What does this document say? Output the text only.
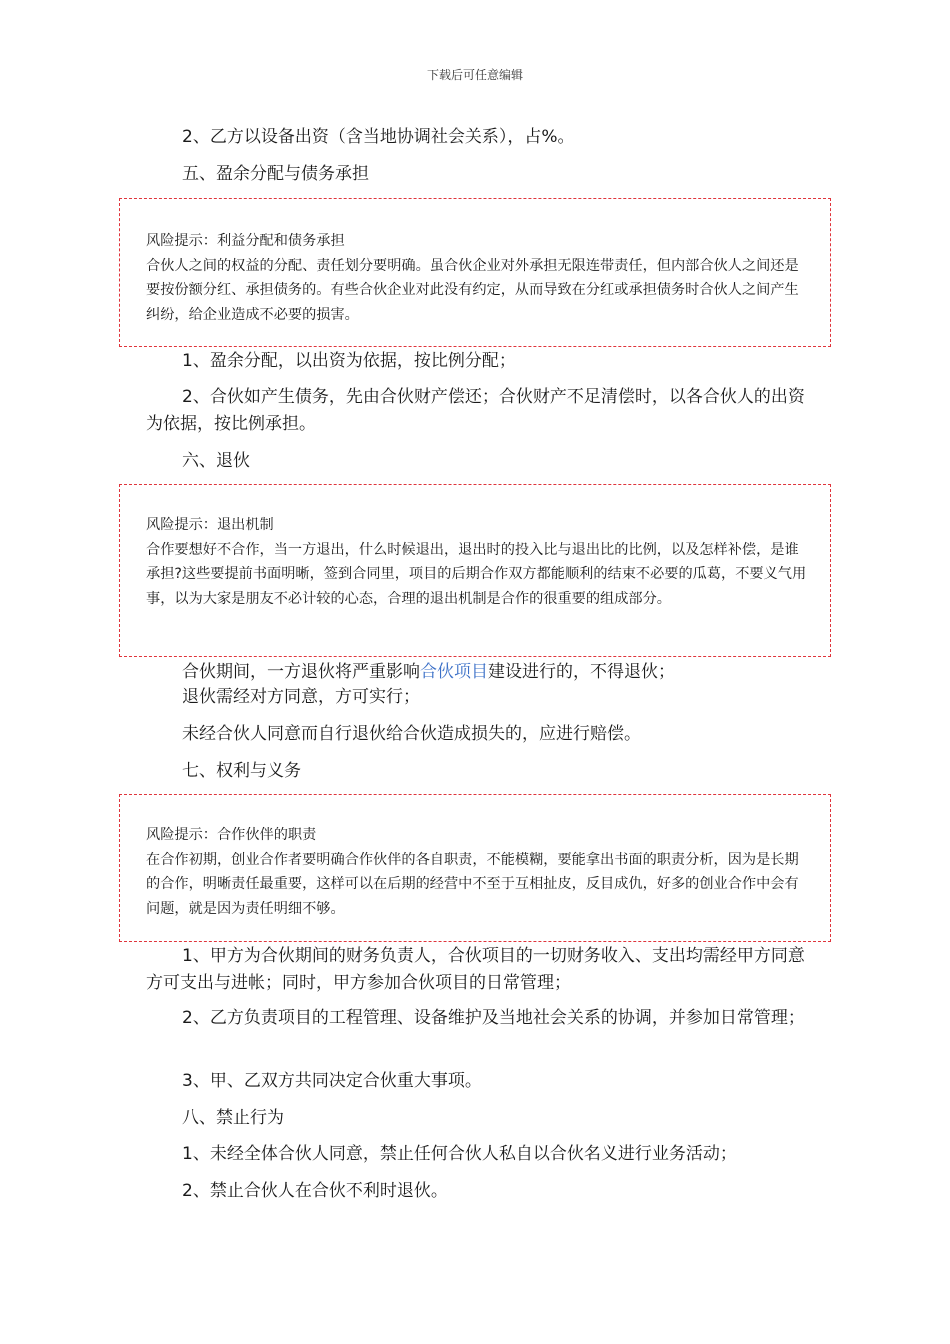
下载后可任意编辑

2、乙方以设备出资（含当地协调社会关系），占%。

五、盈余分配与债务承担

风险提示：利益分配和债务承担
合伙人之间的权益的分配、责任划分要明确。虽合伙企业对外承担无限连带责任，但内部合伙人之间还是要按份额分红、承担债务的。有些合伙企业对此没有约定，从而导致在分红或承担债务时合伙人之间产生纠纷，给企业造成不必要的损害。

1、盈余分配，以出资为依据，按比例分配；

2、合伙如产生债务，先由合伙财产偿还；合伙财产不足清偿时，以各合伙人的出资为依据，按比例承担。

六、退伙

风险提示：退出机制
合作要想好不合作，当一方退出，什么时候退出，退出时的投入比与退出比的比例，以及怎样补偿，是谁承担?这些要提前书面明晰，签到合同里，项目的后期合作双方都能顺利的结束不必要的瓜葛，不要义气用事，以为大家是朋友不必计较的心态，合理的退出机制是合作的很重要的组成部分。

合伙期间，一方退伙将严重影响合伙项目建设进行的，不得退伙；

退伙需经对方同意，方可实行；

未经合伙人同意而自行退伙给合伙造成损失的，应进行赔偿。

七、权利与义务

风险提示：合作伙伴的职责
在合作初期，创业合作者要明确合作伙伴的各自职责，不能模糊，要能拿出书面的职责分析，因为是长期的合作，明晰责任最重要，这样可以在后期的经营中不至于互相扯皮，反目成仇，好多的创业合作中会有问题，就是因为责任明细不够。

1、甲方为合伙期间的财务负责人，合伙项目的一切财务收入、支出均需经甲方同意方可支出与进帐；同时，甲方参加合伙项目的日常管理；

2、乙方负责项目的工程管理、设备维护及当地社会关系的协调，并参加日常管理；

3、甲、乙双方共同决定合伙重大事项。

八、禁止行为

1、未经全体合伙人同意，禁止任何合伙人私自以合伙名义进行业务活动；

2、禁止合伙人在合伙不利时退伙。
